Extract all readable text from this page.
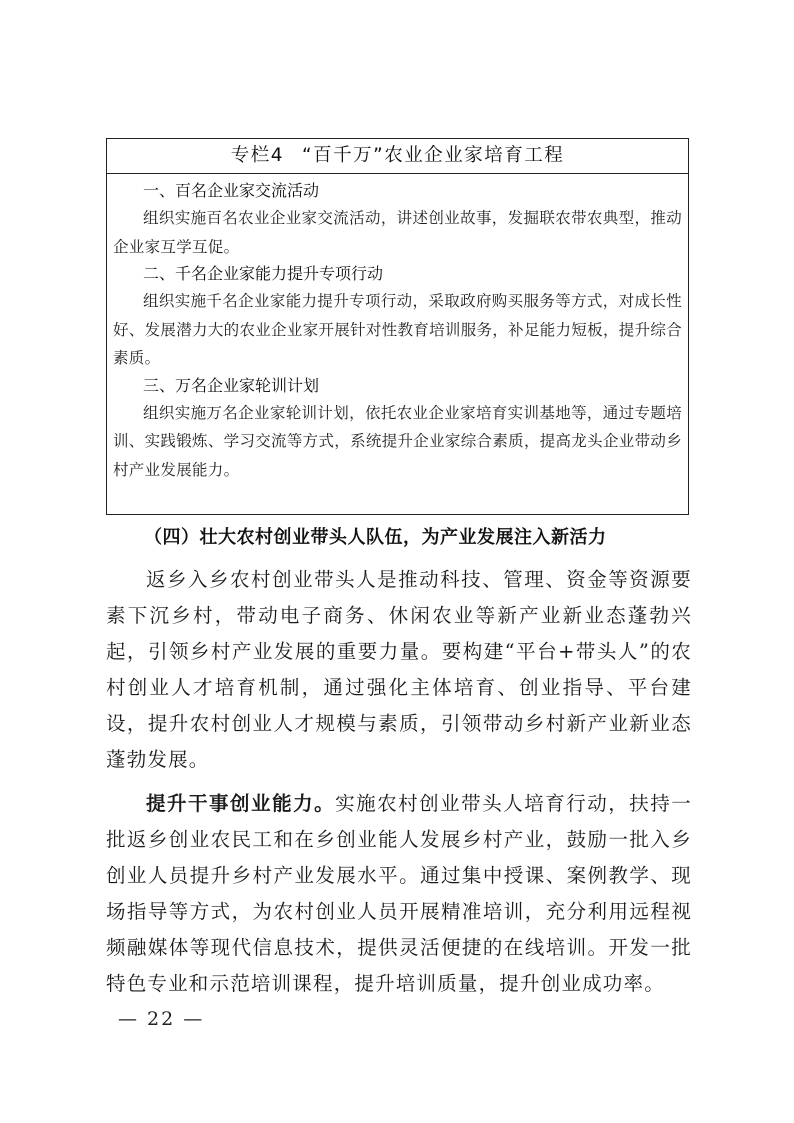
专栏4 “百千万”农业企业家培育工程

一、百名企业家交流活动

组织实施百名农业企业家交流活动，讲述创业故事，发掘联农带农典型，推动企业家互学互促。

二、千名企业家能力提升专项行动

组织实施千名企业家能力提升专项行动，采取政府购买服务等方式，对成长性好、发展潜力大的农业企业家开展针对性教育培训服务，补足能力短板，提升综合素质。

三、万名企业家轮训计划

组织实施万名企业家轮训计划，依托农业企业家培育实训基地等，通过专题培训、实践锻炼、学习交流等方式，系统提升企业家综合素质，提高龙头企业带动乡村产业发展能力。

（四）壮大农村创业带头人队伍，为产业发展注入新活力

返乡入乡农村创业带头人是推动科技、管理、资金等资源要素下沉乡村，带动电子商务、休闲农业等新产业新业态蓬勃兴起，引领乡村产业发展的重要力量。要构建“平台+带头人”的农村创业人才培育机制，通过强化主体培育、创业指导、平台建设，提升农村创业人才规模与素质，引领带动乡村新产业新业态蓬勃发展。

提升干事创业能力。实施农村创业带头人培育行动，扶持一批返乡创业农民工和在乡创业能人发展乡村产业，鼓励一批入乡创业人员提升乡村产业发展水平。通过集中授课、案例教学、现场指导等方式，为农村创业人员开展精准培训，充分利用远程视频融媒体等现代信息技术，提供灵活便捷的在线培训。开发一批特色专业和示范培训课程，提升培训质量，提升创业成功率。

— 22 —
